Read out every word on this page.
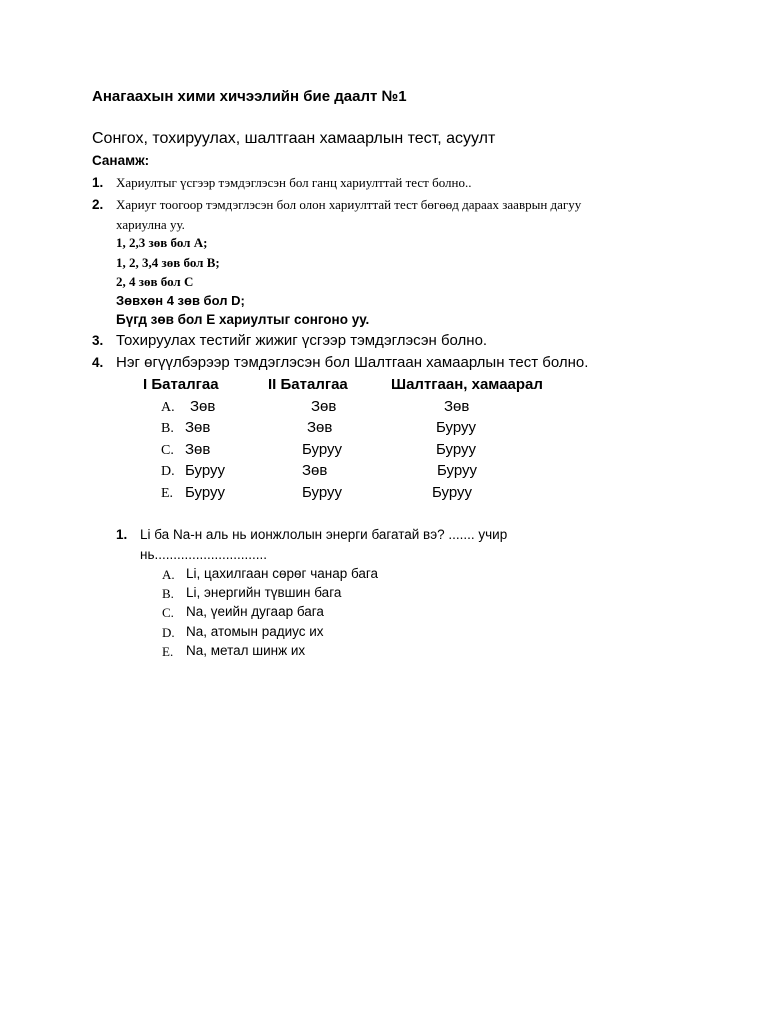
Анагаахын хими хичээлийн бие даалт №1
Сонгох, тохируулах, шалтгаан хамаарлын тест, асуулт
Санамж:
1. Хариултыг үсгээр тэмдэглэсэн бол ганц хариулттай тест болно..
2. Хариуг тоогоор тэмдэглэсэн бол олон хариулттай тест бөгөөд дараах зааврын дагуу
хариулна уу.
1, 2,3 зөв бол A;
1, 2, 3,4 зөв бол B;
2, 4 зөв бол C
Зөвхөн 4 зөв бол D;
Бүгд зөв бол E хариултыг сонгоно уу.
3. Тохируулах тестийг жижиг үсгээр тэмдэглэсэн болно.
4. Нэг өгүүлбэрээр тэмдэглэсэн бол Шалтгаан хамаарлын тест болно.
I Баталгаа	II Баталгаа	Шалтгаан, хамаарал
A. Зөв	Зөв	Зөв
B. Зөв	Зөв	Буруу
C. Зөв	Буруу	Буруу
D. Буруу	Зөв	Буруу
E. Буруу	Буруу	Буруу
1. Li ба Na-н аль нь ионжлолын энерги багатай вэ? ....... учир
нь..............................
A. Li, цахилгаан сөрөг чанар бага
B. Li, энергийн түвшин бага
C. Na, үеийн дугаар бага
D. Na, атомын радиус их
E. Na, метал шинж их
